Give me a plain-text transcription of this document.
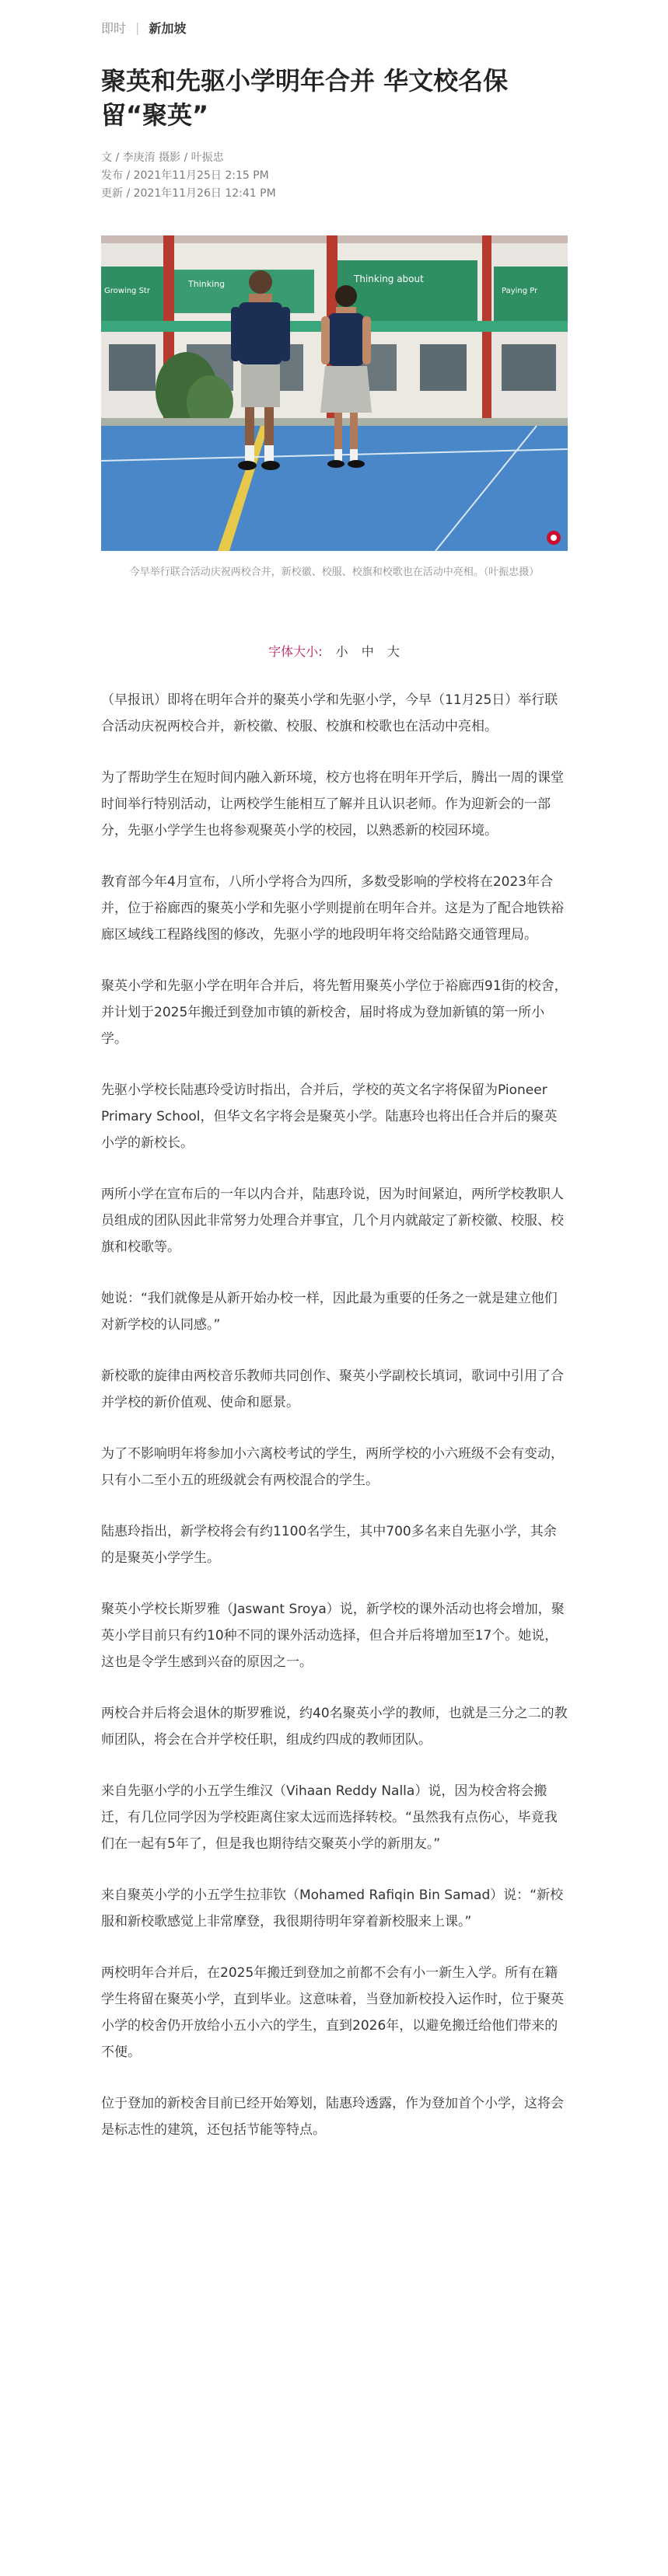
即时 | 新加坡
聚英和先驱小学明年合并 华文校名保留“聚英”
文 / 李庚淯 摄影 / 叶振忠
发布 / 2021年11月25日 2:15 PM
更新 / 2021年11月26日 12:41 PM
Thinking about
Thinking
Paying Pr
Growing Str

今早举行联合活动庆祝两校合并，新校徽、校服、校旗和校歌也在活动中亮相。（叶振忠摄）

字体大小: 小 中 大

（早报讯）即将在明年合并的聚英小学和先驱小学，今早（11月25日）举行联合活动庆祝两校合并，新校徽、校服、校旗和校歌也在活动中亮相。

为了帮助学生在短时间内融入新环境，校方也将在明年开学后，腾出一周的课堂时间举行特别活动，让两校学生能相互了解并且认识老师。作为迎新会的一部分，先驱小学学生也将参观聚英小学的校园，以熟悉新的校园环境。

教育部今年4月宣布，八所小学将合为四所，多数受影响的学校将在2023年合并，位于裕廊西的聚英小学和先驱小学则提前在明年合并。这是为了配合地铁裕廊区域线工程路线图的修改，先驱小学的地段明年将交给陆路交通管理局。

聚英小学和先驱小学在明年合并后，将先暂用聚英小学位于裕廊西91街的校舍，并计划于2025年搬迁到登加市镇的新校舍，届时将成为登加新镇的第一所小学。

先驱小学校长陆惠玲受访时指出，合并后，学校的英文名字将保留为Pioneer Primary School，但华文名字将会是聚英小学。陆惠玲也将出任合并后的聚英小学的新校长。

两所小学在宣布后的一年以内合并，陆惠玲说，因为时间紧迫，两所学校教职人员组成的团队因此非常努力处理合并事宜，几个月内就敲定了新校徽、校服、校旗和校歌等。

她说：“我们就像是从新开始办校一样，因此最为重要的任务之一就是建立他们对新学校的认同感。”

新校歌的旋律由两校音乐教师共同创作、聚英小学副校长填词，歌词中引用了合并学校的新价值观、使命和愿景。

为了不影响明年将参加小六离校考试的学生，两所学校的小六班级不会有变动，只有小二至小五的班级就会有两校混合的学生。

陆惠玲指出，新学校将会有约1100名学生，其中700多名来自先驱小学，其余的是聚英小学学生。

聚英小学校长斯罗雅（Jaswant Sroya）说，新学校的课外活动也将会增加，聚英小学目前只有约10种不同的课外活动选择，但合并后将增加至17个。她说，这也是令学生感到兴奋的原因之一。

两校合并后将会退休的斯罗雅说，约40名聚英小学的教师，也就是三分之二的教师团队，将会在合并学校任职，组成约四成的教师团队。

来自先驱小学的小五学生维汉（Vihaan Reddy Nalla）说，因为校舍将会搬迁，有几位同学因为学校距离住家太远而选择转校。“虽然我有点伤心，毕竟我们在一起有5年了，但是我也期待结交聚英小学的新朋友。”

来自聚英小学的小五学生拉菲钦（Mohamed Rafiqin Bin Samad）说：“新校服和新校歌感觉上非常摩登，我很期待明年穿着新校服来上课。”

两校明年合并后，在2025年搬迁到登加之前都不会有小一新生入学。所有在籍学生将留在聚英小学，直到毕业。这意味着，当登加新校投入运作时，位于聚英小学的校舍仍开放给小五小六的学生，直到2026年，以避免搬迁给他们带来的不便。

位于登加的新校舍目前已经开始筹划，陆惠玲透露，作为登加首个小学，这将会是标志性的建筑，还包括节能等特点。
